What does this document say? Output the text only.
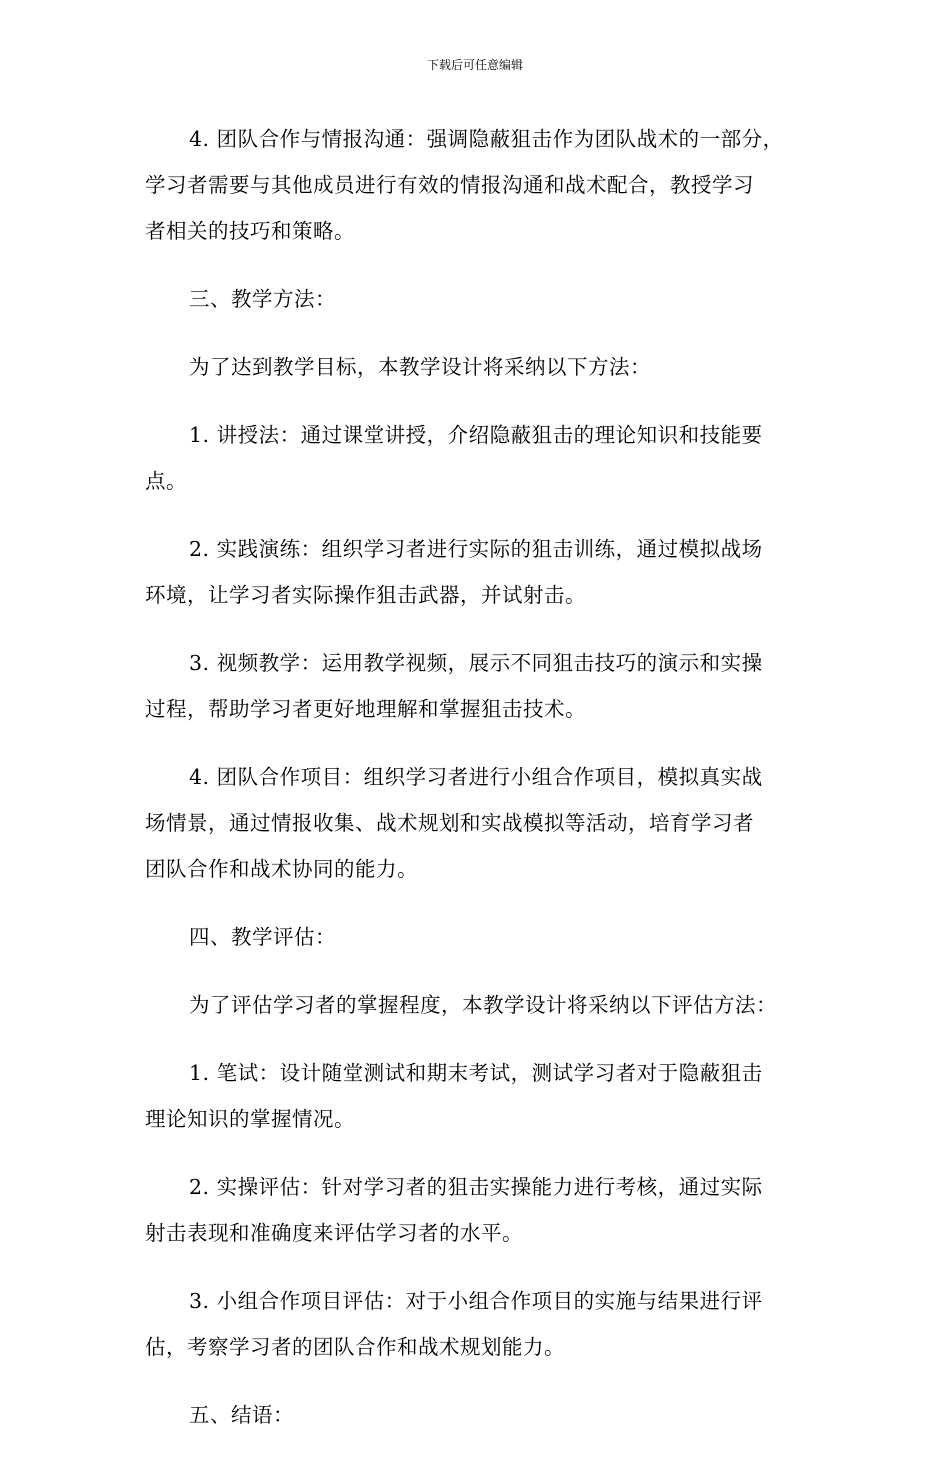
下载后可任意编辑

4. 团队合作与情报沟通：强调隐蔽狙击作为团队战术的一部分，
学习者需要与其他成员进行有效的情报沟通和战术配合，教授学习
者相关的技巧和策略。

三、教学方法：

为了达到教学目标，本教学设计将采纳以下方法：

1. 讲授法：通过课堂讲授，介绍隐蔽狙击的理论知识和技能要
点。

2. 实践演练：组织学习者进行实际的狙击训练，通过模拟战场
环境，让学习者实际操作狙击武器，并试射击。

3. 视频教学：运用教学视频，展示不同狙击技巧的演示和实操
过程，帮助学习者更好地理解和掌握狙击技术。

4. 团队合作项目：组织学习者进行小组合作项目，模拟真实战
场情景，通过情报收集、战术规划和实战模拟等活动，培育学习者
团队合作和战术协同的能力。

四、教学评估：

为了评估学习者的掌握程度，本教学设计将采纳以下评估方法：

1. 笔试：设计随堂测试和期末考试，测试学习者对于隐蔽狙击
理论知识的掌握情况。

2. 实操评估：针对学习者的狙击实操能力进行考核，通过实际
射击表现和准确度来评估学习者的水平。

3. 小组合作项目评估：对于小组合作项目的实施与结果进行评
估，考察学习者的团队合作和战术规划能力。

五、结语：
